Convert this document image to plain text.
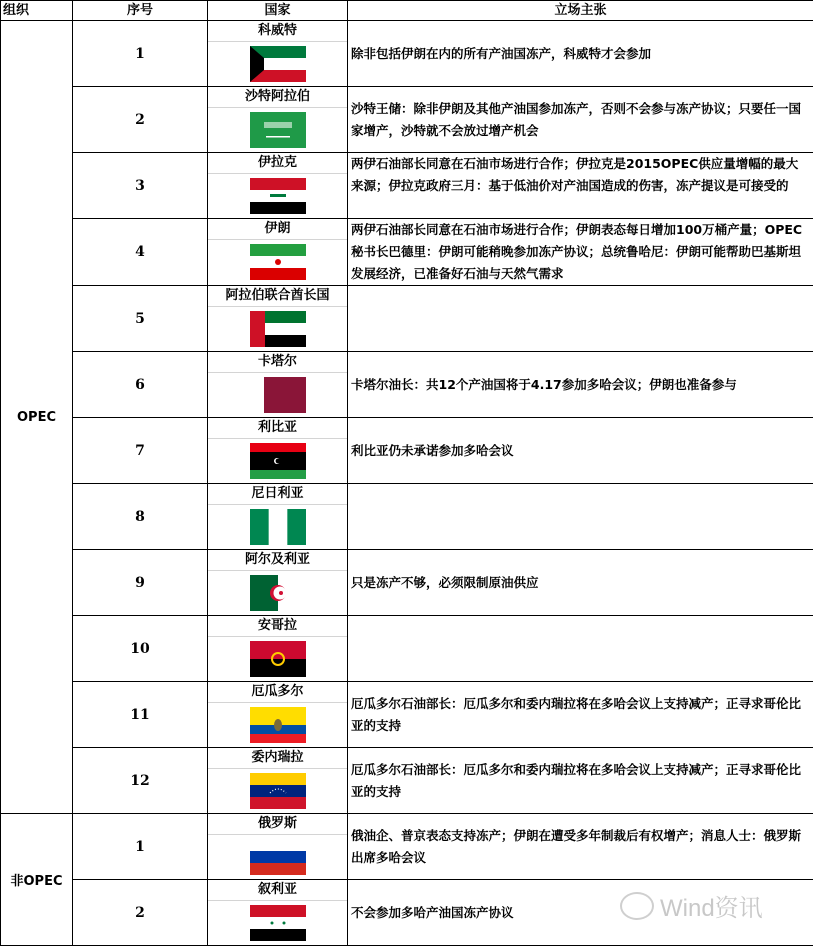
组织	序号	国家	立场主张
OPEC	1	科威特	除非包括伊朗在内的所有产油国冻产，科威特才会参加
	2	沙特阿拉伯	沙特王储：除非伊朗及其他产油国参加冻产，否则不会参与冻产协议；只要任一国家增产，沙特就不会放过增产机会
	3	伊拉克	两伊石油部长同意在石油市场进行合作；伊拉克是2015OPEC供应量增幅的最大来源；伊拉克政府三月：基于低油价对产油国造成的伤害，冻产提议是可接受的
	4	伊朗	两伊石油部长同意在石油市场进行合作；伊朗表态每日增加100万桶产量；OPEC秘书长巴德里：伊朗可能稍晚参加冻产协议；总统鲁哈尼：伊朗可能帮助巴基斯坦发展经济，已准备好石油与天然气需求
	5	阿拉伯联合酋长国	

	6	卡塔尔	卡塔尔油长：共12个产油国将于4.17参加多哈会议；伊朗也准备参与
	7	利比亚	利比亚仍未承诺参加多哈会议
	8	尼日利亚	

	9	阿尔及利亚	只是冻产不够，必须限制原油供应
	10	安哥拉	

	11	厄瓜多尔	厄瓜多尔石油部长：厄瓜多尔和委内瑞拉将在多哈会议上支持减产；正寻求哥伦比亚的支持
	12	委内瑞拉	厄瓜多尔石油部长：厄瓜多尔和委内瑞拉将在多哈会议上支持减产；正寻求哥伦比亚的支持
非OPEC	1	俄罗斯	俄油企、普京表态支持冻产；伊朗在遭受多年制裁后有权增产；消息人士：俄罗斯出席多哈会议
	2	叙利亚	不会参加多哈产油国冻产协议	Wind资讯
